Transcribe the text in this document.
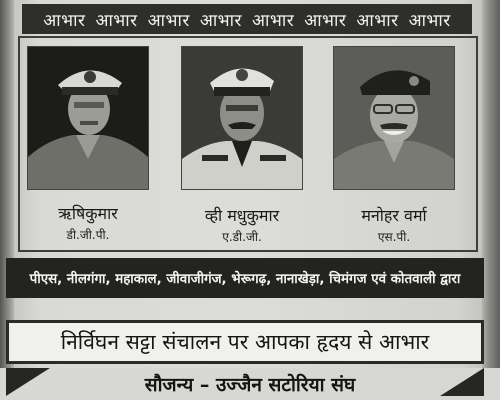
आभार आभार आभार आभार आभार आभार आभार आभार
ऋषिकुमार
डी.जी.पी.
व्ही मधुकुमार
ए.डी.जी.
मनोहर वर्मा
एस.पी.
पीएस, नीलगंगा, महाकाल, जीवाजीगंज, भेरूगढ़, नानाखेड़ा, चिमंगज एवं कोतवाली द्वारा
निर्विघन सट्टा संचालन पर आपका हृदय से आभार
सौजन्य – उज्जैन सटोरिया संघ
